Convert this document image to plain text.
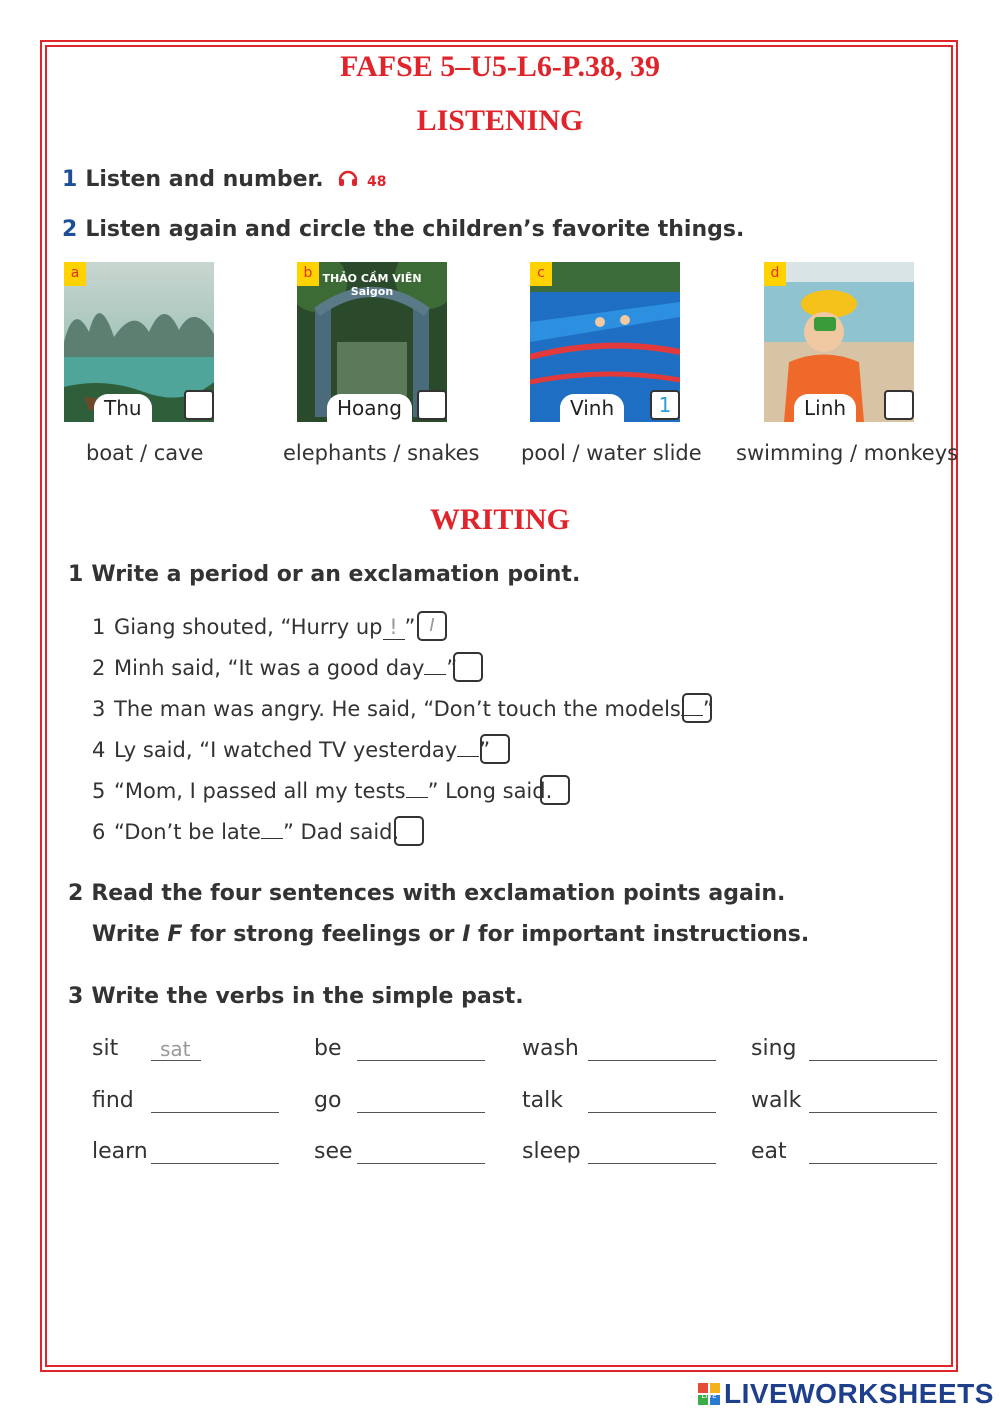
FAFSE 5–U5-L6-P.38, 39
LISTENING
1 Listen and number.	48
2 Listen again and circle the children’s favorite things.
a
Thu
THẢO CẦM VIÊN Saigon
b
Hoang
c
Vinh	1
d
Linh
boat / cave	elephants / snakes pool / water slide swimming / monkeys
WRITING
1 Write a period or an exclamation point.
1 Giang shouted, “Hurry up ! ” I
2 Minh said, “It was a good day ”
3 The man was angry. He said, “Don’t touch the models ”
4 Ly said, “I watched TV yesterday ”
5 “Mom, I passed all my tests ” Long said.
6 “Don’t be late ” Dad said.
2 Read the four sentences with exclamation points again.
Write F for strong feelings or I for important instructions.
3 Write the verbs in the simple past.
sit sat	be	wash	sing
find	go	talk	walk
learn	see	sleep	eat
LIVE LIVEWORKSHEETS
